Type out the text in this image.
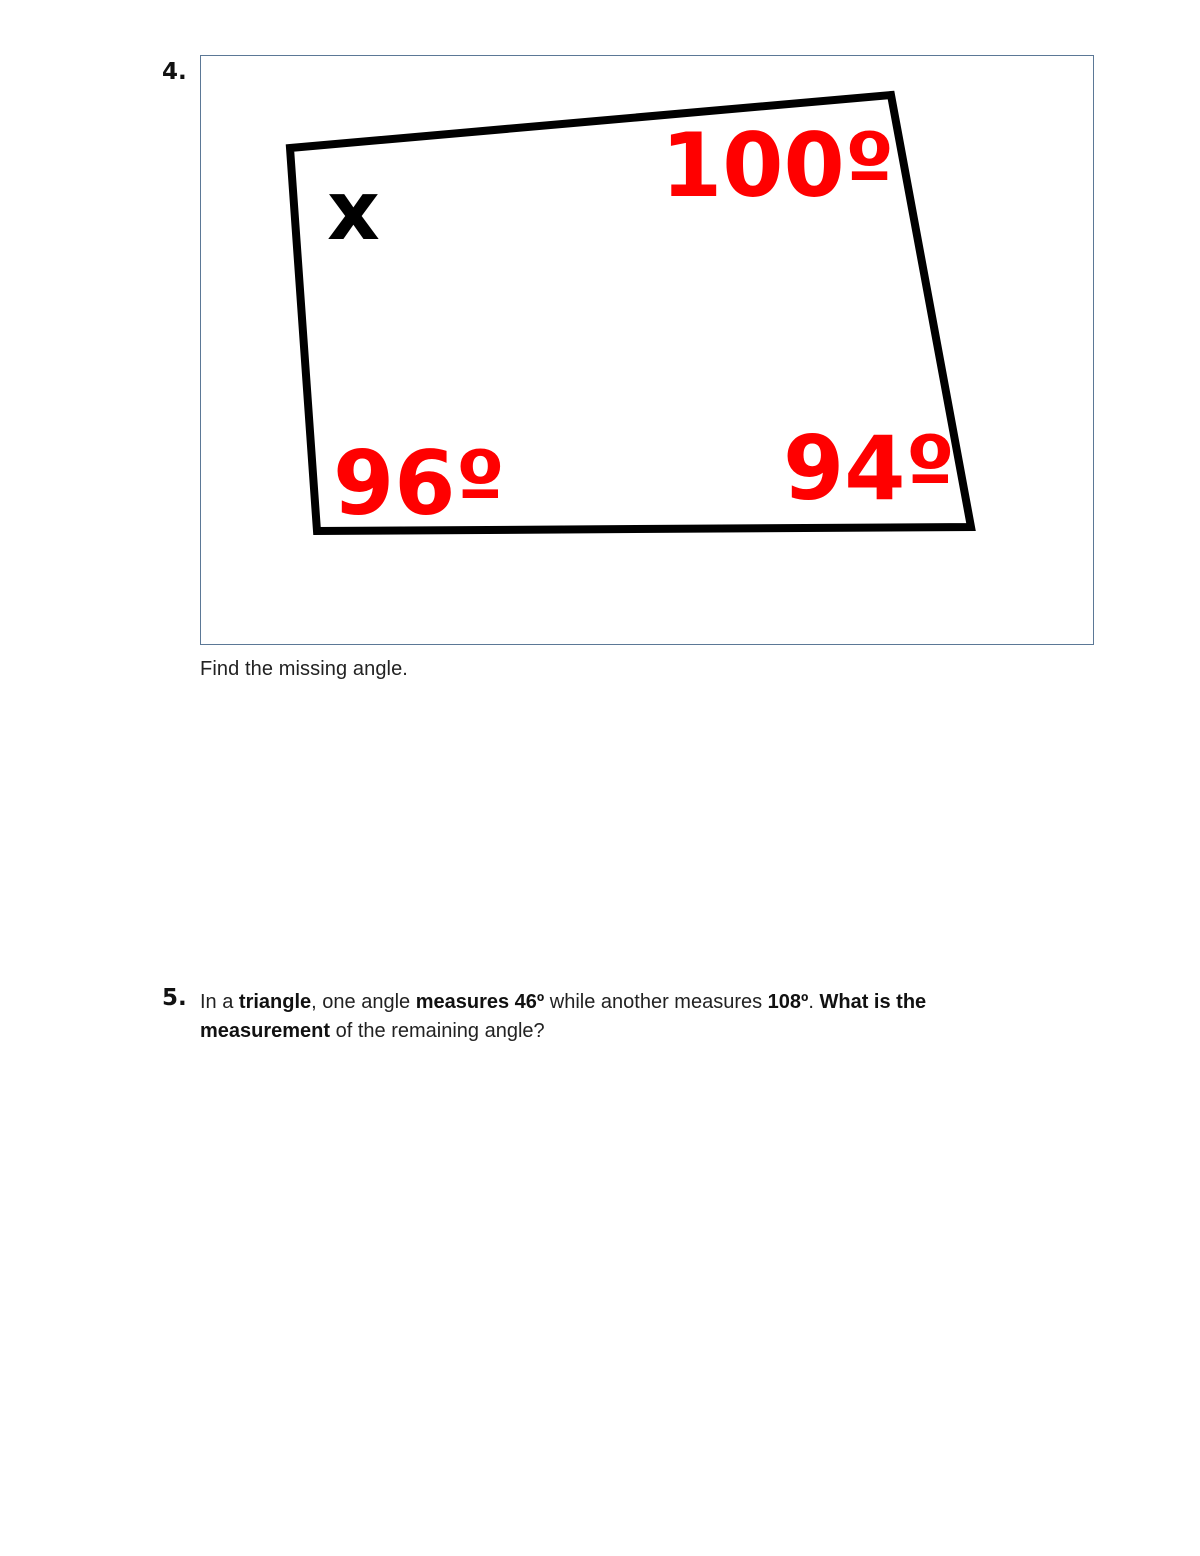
4.
x	100º
96º	94º
Find the missing angle.
5. In a triangle, one angle measures 46º while another measures 108º. What is the measurement of the remaining angle?
